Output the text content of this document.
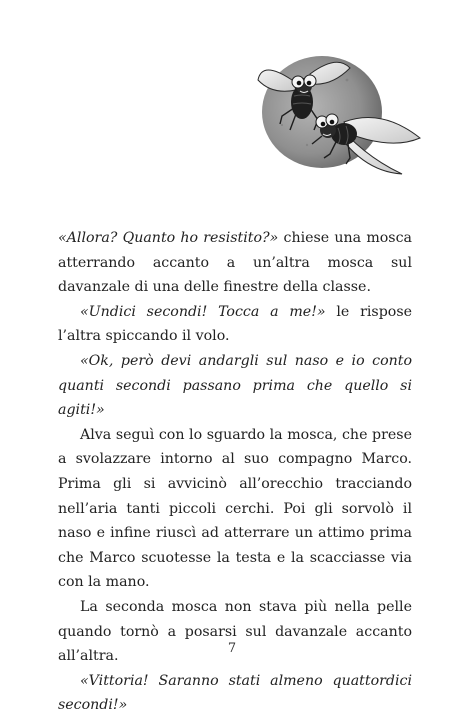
«Allora? Quanto ho resistito?» chiese una mosca atterrando accanto a un’altra mosca sul davanzale di una delle finestre della classe.

«Undici secondi! Tocca a me!» le rispose l’altra spiccando il volo.

«Ok, però devi andargli sul naso e io conto quanti secondi passano prima che quello si agiti!»

Alva seguì con lo sguardo la mosca, che prese a svolazzare intorno al suo compagno Marco. Prima gli si avvicinò all’orecchio tracciando nell’aria tanti piccoli cerchi. Poi gli sorvolò il naso e infine riuscì ad atterrare un attimo prima che Marco scuotesse la testa e la scacciasse via con la mano.

La seconda mosca non stava più nella pelle quando tornò a posarsi sul davanzale accanto all’altra.

«Vittoria! Saranno stati almeno quattordici secondi!»

7
